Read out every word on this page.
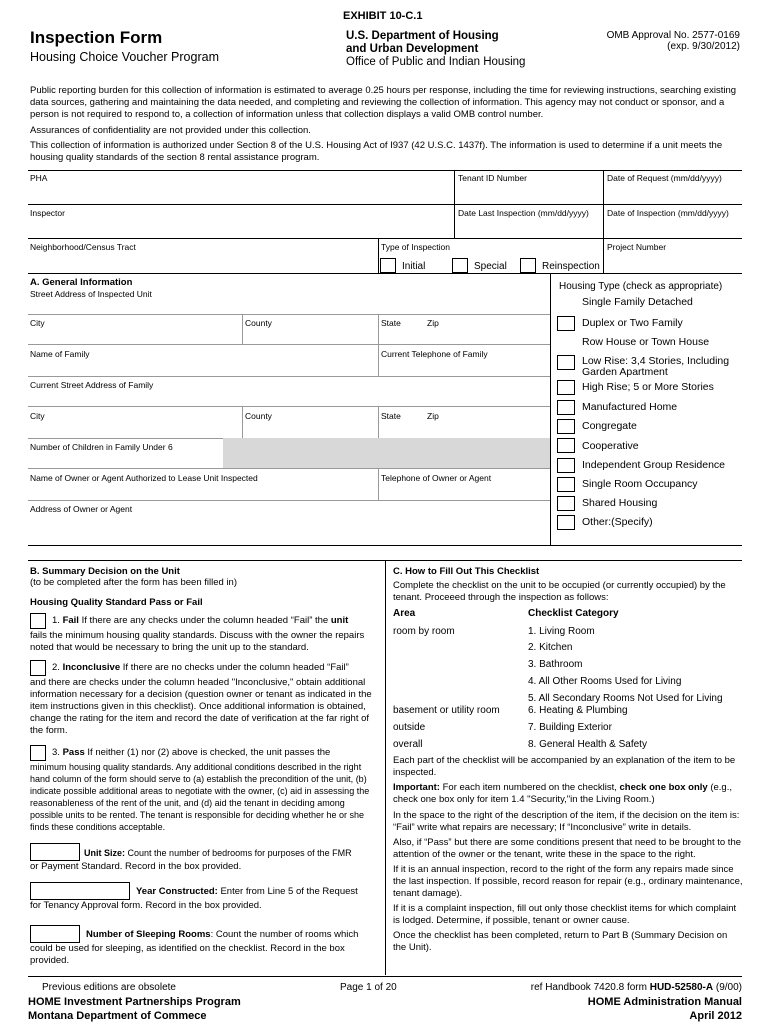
EXHIBIT 10-C.1
Inspection Form
Housing Choice Voucher Program
U.S. Department of Housing
and Urban Development
Office of Public and Indian Housing
OMB Approval No. 2577-0169
(exp. 9/30/2012)
Public reporting burden for this collection of information is estimated to average 0.25 hours per response, including the time for reviewing instructions, searching existing data sources, gathering and maintaining the data needed, and completing and reviewing the collection of information. This agency may not conduct or sponsor, and a person is not required to respond to, a collection of information unless that collection displays a valid OMB control number.
Assurances of confidentiality are not provided under this collection.
This collection of information is authorized under Section 8 of the U.S. Housing Act of I937 (42 U.S.C. 1437f). The information is used to determine if a unit meets the housing quality standards of the section 8 rental assistance program.
PHA	Tenant ID Number	Date of Request (mm/dd/yyyy)
Inspector	Date Last Inspection (mm/dd/yyyy) Date of Inspection (mm/dd/yyyy)
Neighborhood/Census Tract	Type of Inspection	Project Number
Initial	Special	Reinspection
A. General Information
Street Address of Inspected Unit
City	County	State	Zip
Name of Family	Current Telephone of Family
Current Street Address of Family
City	County	State	Zip
Number of Children in Family Under 6
Name of Owner or Agent Authorized to Lease Unit Inspected	Telephone of Owner or Agent
Address of Owner or Agent
Housing Type (check as appropriate)
Single Family Detached
Duplex or Two Family
Row House or Town House
Low Rise: 3,4 Stories, Including
Garden Apartment
High Rise; 5 or More Stories
Manufactured Home
Congregate
Cooperative
Independent Group Residence
Single Room Occupancy
Shared Housing
Other:(Specify)
B. Summary Decision on the Unit
(to be completed after the form has been filled in)
Housing Quality Standard Pass or Fail
1. Fail If there are any checks under the column headed “Fail” the unit
fails the minimum housing quality standards. Discuss with the owner the repairs noted that would be necessary to bring the unit up to the standard.
2. Inconclusive If there are no checks under the column headed “Fail”
and there are checks under the column headed "Inconclusive," obtain additional information necessary for a decision (question owner or tenant as indicated in the item instructions given in this checklist). Once additional information is obtained, change the rating for the item and record the date of verification at the far right of the form.
3. Pass If neither (1) nor (2) above is checked, the unit passes the
minimum housing quality standards. Any additional conditions described in the right hand column of the form should serve to (a) establish the precondition of the unit, (b) indicate possible additional areas to negotiate with the owner, (c) aid in assessing the reasonableness of the rent of the unit, and (d) aid the tenant in deciding among possible units to be rented. The tenant is responsible for deciding whether he or she finds these conditions acceptable.
Unit Size: Count the number of bedrooms for purposes of the FMR
or Payment Standard. Record in the box provided.
Year Constructed: Enter from Line 5 of the Request
for Tenancy Approval form. Record in the box provided.
Number of Sleeping Rooms: Count the number of rooms which
could be used for sleeping, as identified on the checklist. Record in the box provided.
C. How to Fill Out This Checklist
Complete the checklist on the unit to be occupied (or currently occupied) by the tenant. Proceeed through the inspection as follows:
Area	Checklist Category
room by room	1. Living Room
2. Kitchen
3. Bathroom
4. All Other Rooms Used for Living
5. All Secondary Rooms Not Used for Living
basement or utility room	6. Heating & Plumbing
outside	7. Building Exterior
overall	8. General Health & Safety
Each part of the checklist will be accompanied by an explanation of the item to be inspected.
Important: For each item numbered on the checklist, check one box only (e.g., check one box only for item 1.4 "Security,"in the Living Room.)
In the space to the right of the description of the item, if the decision on the item is: “Fail” write what repairs are necessary; If “Inconclusive” write in details.
Also, if “Pass” but there are some conditions present that need to be brought to the attention of the owner or the tenant, write these in the space to the right.
If it is an annual inspection, record to the right of the form any repairs made since the last inspection. If possible, record reason for repair (e.g., ordinary maintenance, tenant damage).
If it is a complaint inspection, fill out only those checklist items for which complaint is lodged. Determine, if possible, tenant or owner cause.
Once the checklist has been completed, return to Part B (Summary Decision on the Unit).
Previous editions are obsolete	Page 1 of 20	ref Handbook 7420.8 form HUD-52580-A (9/00)
HOME Investment Partnerships Program
Montana Department of Commece
HOME Administration Manual
April 2012
